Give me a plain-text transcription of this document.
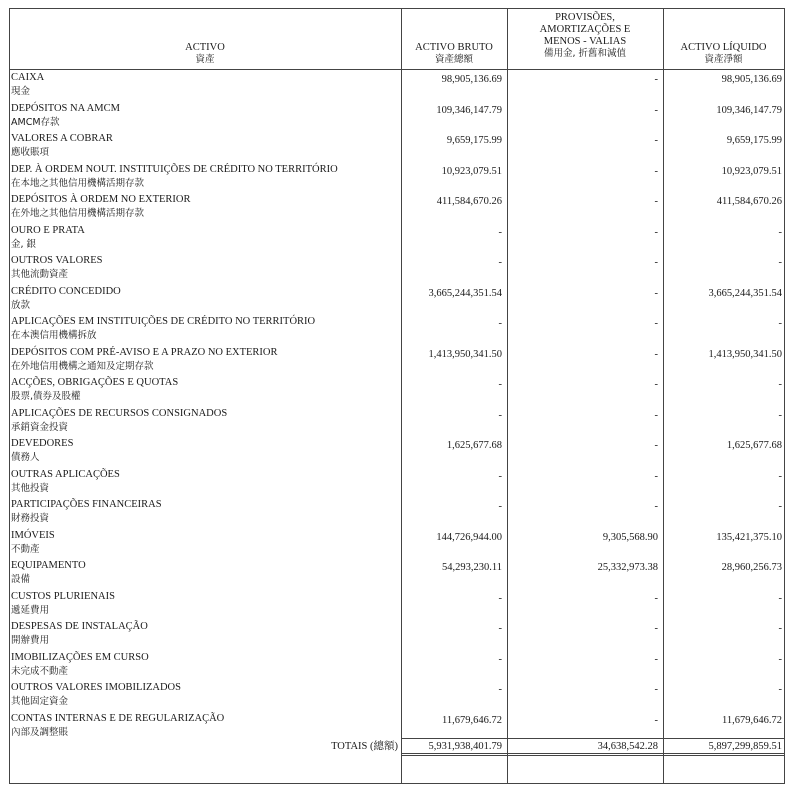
ACTIVO
資產
ACTIVO BRUTO
資產總額
PROVISÕES,
AMORTIZAÇÕES E
MENOS - VALIAS
備用金, 折舊和減值
ACTIVO LÍQUIDO
資產淨額
CAIXA
現金
98,905,136.69	-	98,905,136.69
DEPÓSITOS NA AMCM
AMCM存款
109,346,147.79	-	109,346,147.79
VALORES A COBRAR
應收賬項
9,659,175.99	-	9,659,175.99
DEP. À ORDEM NOUT. INSTITUIÇÕES DE CRÉDITO NO TERRITÓRIO
在本地之其他信用機構活期存款
10,923,079.51	-	10,923,079.51
DEPÓSITOS À ORDEM NO EXTERIOR
在外地之其他信用機構活期存款
411,584,670.26	-	411,584,670.26
OURO E PRATA
金, 銀
-	-	-
OUTROS VALORES
其他流動資產
-	-	-
CRÉDITO CONCEDIDO
放款
3,665,244,351.54	-	3,665,244,351.54
APLICAÇÕES EM INSTITUIÇÕES DE CRÉDITO NO TERRITÓRIO
在本澳信用機構拆放
-	-	-
DEPÓSITOS COM PRÉ-AVISO E A PRAZO NO EXTERIOR
在外地信用機構之通知及定期存款
1,413,950,341.50	-	1,413,950,341.50
ACÇÕES, OBRIGAÇÕES E QUOTAS
股票,債券及股權
-	-	-
APLICAÇÕES DE RECURSOS CONSIGNADOS
承銷資金投資
-	-	-
DEVEDORES
債務人
1,625,677.68	-	1,625,677.68
OUTRAS APLICAÇÕES
其他投資
-	-	-
PARTICIPAÇÕES FINANCEIRAS
財務投資
-	-	-
IMÓVEIS
不動產
144,726,944.00	9,305,568.90	135,421,375.10
EQUIPAMENTO
設備
54,293,230.11	25,332,973.38	28,960,256.73
CUSTOS PLURIENAIS
遞延費用
-	-	-
DESPESAS DE INSTALAÇÃO
開辦費用
-	-	-
IMOBILIZAÇÕES EM CURSO
未完成不動產
-	-	-
OUTROS VALORES IMOBILIZADOS
其他固定資金
-	-	-
CONTAS INTERNAS E DE REGULARIZAÇÃO
內部及調整賬
11,679,646.72	-	11,679,646.72
TOTAIS (總額)	5,931,938,401.79	34,638,542.28	5,897,299,859.51
